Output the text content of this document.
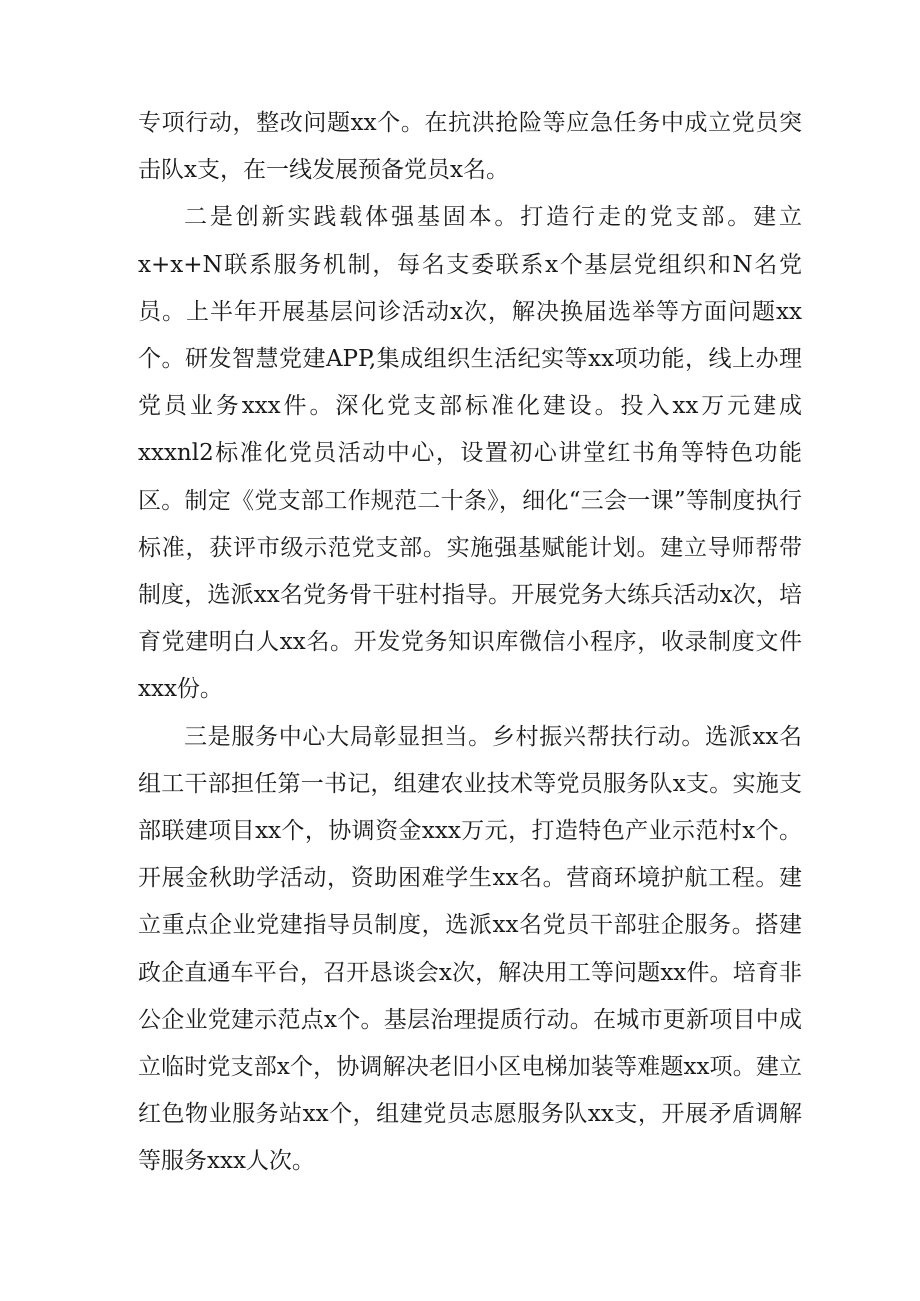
专项行动，整改问题xx个。在抗洪抢险等应急任务中成立党员突击队x支，在一线发展预备党员x名。

二是创新实践载体强基固本。打造行走的党支部。建立x+x+N联系服务机制，每名支委联系x个基层党组织和N名党员。上半年开展基层问诊活动x次，解决换届选举等方面问题xx个。研发智慧党建APP,集成组织生活纪实等xx项功能，线上办理党员业务xxx件。深化党支部标准化建设。投入xx万元建成xxxnl2标准化党员活动中心，设置初心讲堂红书角等特色功能区。制定《党支部工作规范二十条》，细化“三会一课”等制度执行标准，获评市级示范党支部。实施强基赋能计划。建立导师帮带制度，选派xx名党务骨干驻村指导。开展党务大练兵活动x次，培育党建明白人xx名。开发党务知识库微信小程序，收录制度文件xxx份。

三是服务中心大局彰显担当。乡村振兴帮扶行动。选派xx名组工干部担任第一书记，组建农业技术等党员服务队x支。实施支部联建项目xx个，协调资金xxx万元，打造特色产业示范村x个。开展金秋助学活动，资助困难学生xx名。营商环境护航工程。建立重点企业党建指导员制度，选派xx名党员干部驻企服务。搭建政企直通车平台，召开恳谈会x次，解决用工等问题xx件。培育非公企业党建示范点x个。基层治理提质行动。在城市更新项目中成立临时党支部x个，协调解决老旧小区电梯加装等难题xx项。建立红色物业服务站xx个，组建党员志愿服务队xx支，开展矛盾调解等服务xxx人次。
